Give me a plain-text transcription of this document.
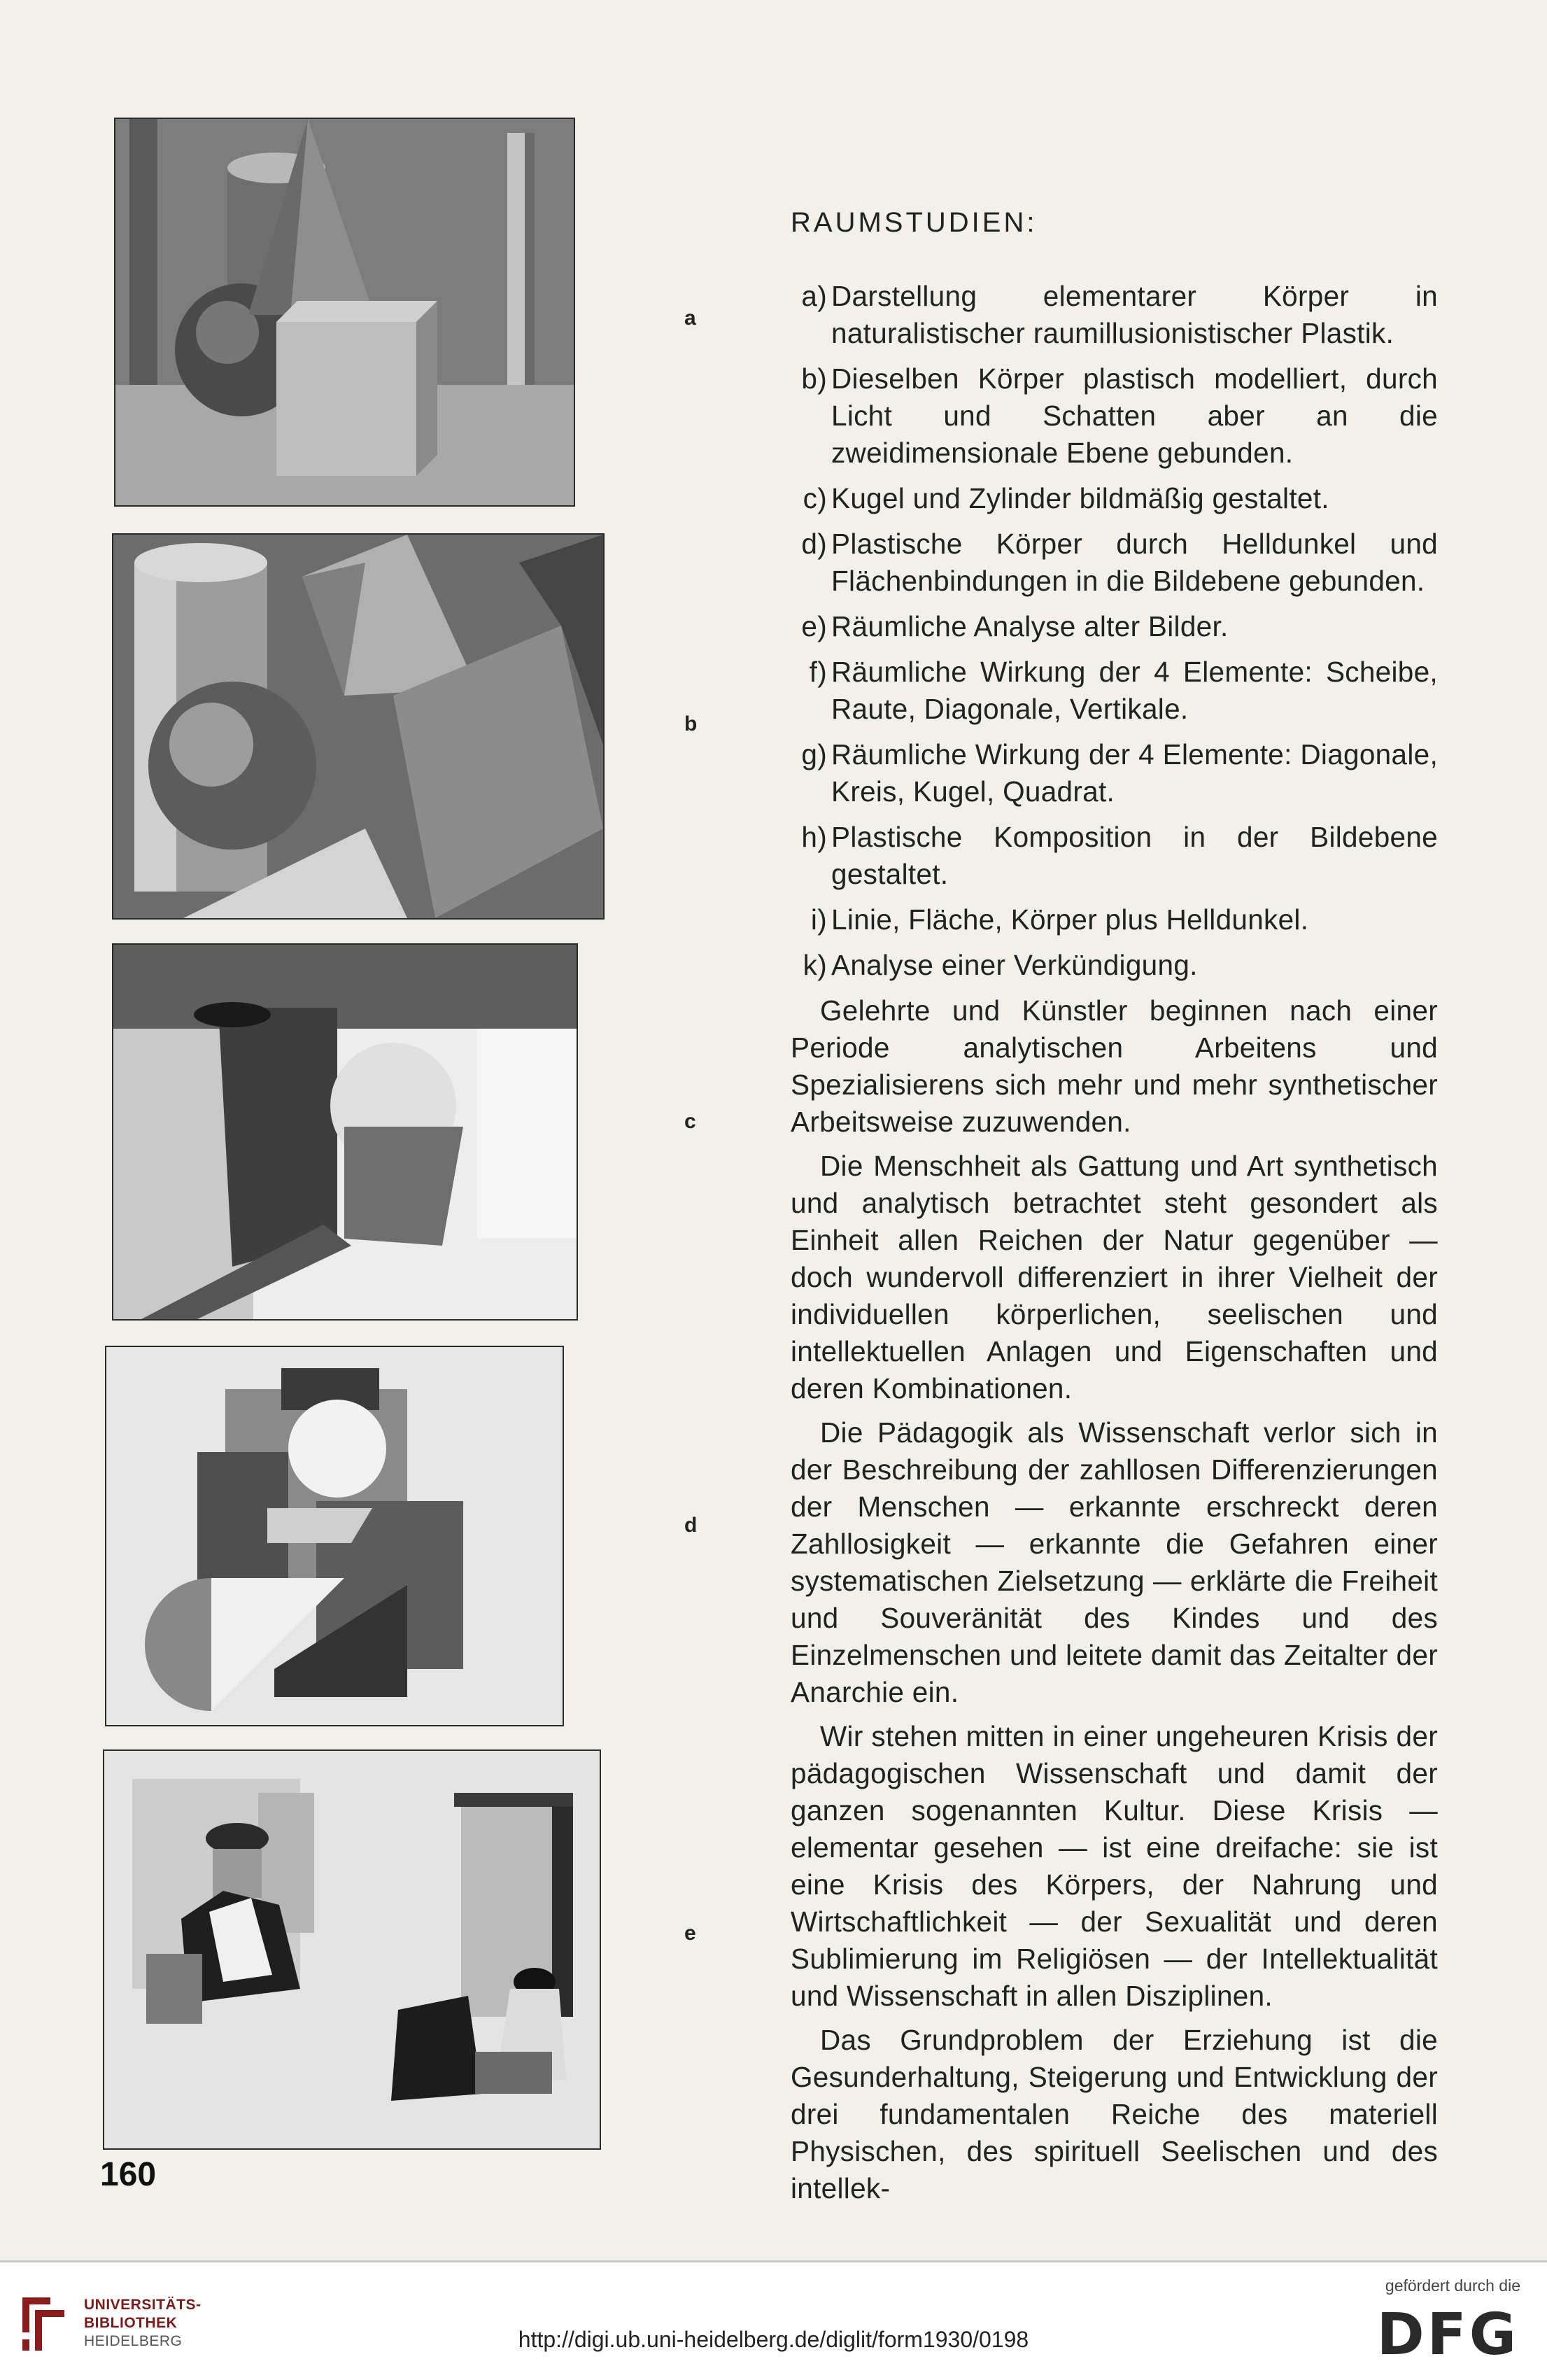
a
b
c
d
e
RAUMSTUDIEN:
a) Darstellung elementarer Körper in naturalistischer raumillusionistischer Plastik.
b) Dieselben Körper plastisch modelliert, durch Licht und Schatten aber an die zweidimensionale Ebene gebunden.
c) Kugel und Zylinder bildmäßig gestaltet.
d) Plastische Körper durch Helldunkel und Flächenbindungen in die Bildebene gebunden.
e) Räumliche Analyse alter Bilder.
f) Räumliche Wirkung der 4 Elemente: Scheibe, Raute, Diagonale, Vertikale.
g) Räumliche Wirkung der 4 Elemente: Diagonale, Kreis, Kugel, Quadrat.
h) Plastische Komposition in der Bildebene gestaltet.
i) Linie, Fläche, Körper plus Helldunkel.
k) Analyse einer Verkündigung.

Gelehrte und Künstler beginnen nach einer Periode analytischen Arbeitens und Spezialisierens sich mehr und mehr synthetischer Arbeitsweise zuzuwenden.

Die Menschheit als Gattung und Art synthetisch und analytisch betrachtet steht gesondert als Einheit allen Reichen der Natur gegenüber — doch wundervoll differenziert in ihrer Vielheit der individuellen körperlichen, seelischen und intellektuellen Anlagen und Eigenschaften und deren Kombinationen.

Die Pädagogik als Wissenschaft verlor sich in der Beschreibung der zahllosen Differenzierungen der Menschen — erkannte erschreckt deren Zahllosigkeit — erkannte die Gefahren einer systematischen Zielsetzung — erklärte die Freiheit und Souveränität des Kindes und des Einzelmenschen und leitete damit das Zeitalter der Anarchie ein.

Wir stehen mitten in einer ungeheuren Krisis der pädagogischen Wissenschaft und damit der ganzen sogenannten Kultur. Diese Krisis — elementar gesehen — ist eine dreifache: sie ist eine Krisis des Körpers, der Nahrung und Wirtschaftlichkeit — der Sexualität und deren Sublimierung im Religiösen — der Intellektualität und Wissenschaft in allen Disziplinen.

Das Grundproblem der Erziehung ist die Gesunderhaltung, Steigerung und Entwicklung der drei fundamentalen Reiche des materiell Physischen, des spirituell Seelischen und des intellek-

160
UNIVERSITÄTS-
BIBLIOTHEK
HEIDELBERG	http://digi.ub.uni-heidelberg.de/diglit/form1930/0198
gefördert durch die
DFG
